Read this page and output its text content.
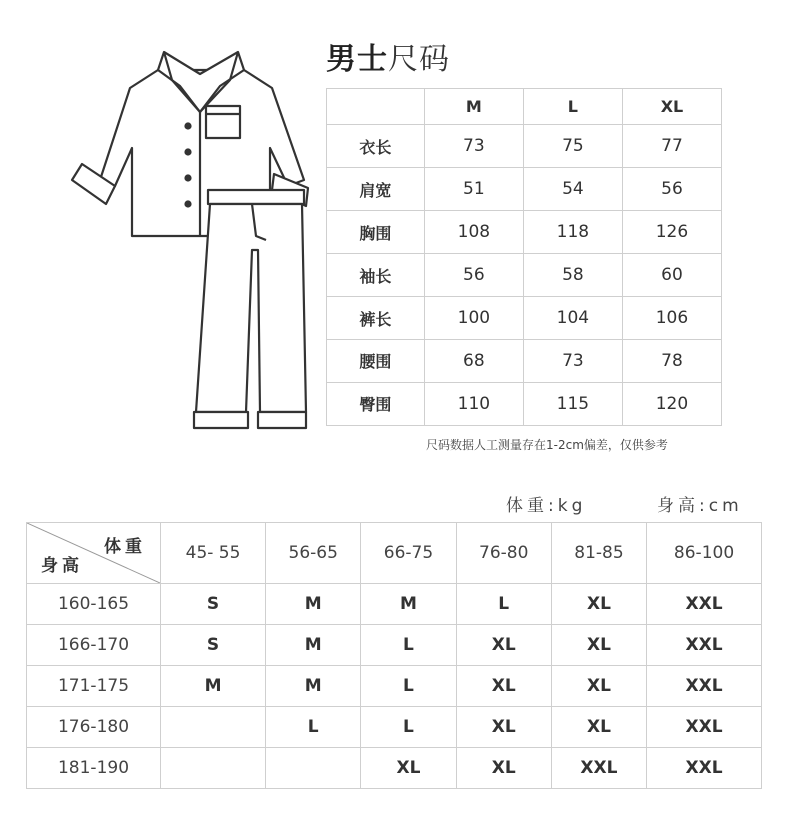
男士尺码
	M	L	XL
衣长	73	75	77
肩宽	51	54	56
胸围	108	118	126
袖长	56	58	60
裤长	100	104	106
腰围	68	73	78
臀围	110	115	120
尺码数据人工测量存在1-2cm偏差，仅供参考
体重:kg	身高:cm
体重
身高	45- 55	56-65	66-75	76-80	81-85	86-100
160-165	S	M	M	L	XL	XXL
166-170	S	M	L	XL	XL	XXL
171-175	M	M	L	XL	XL	XXL
176-180		L	L	XL	XL	XXL
181-190			XL	XL	XXL	XXL
